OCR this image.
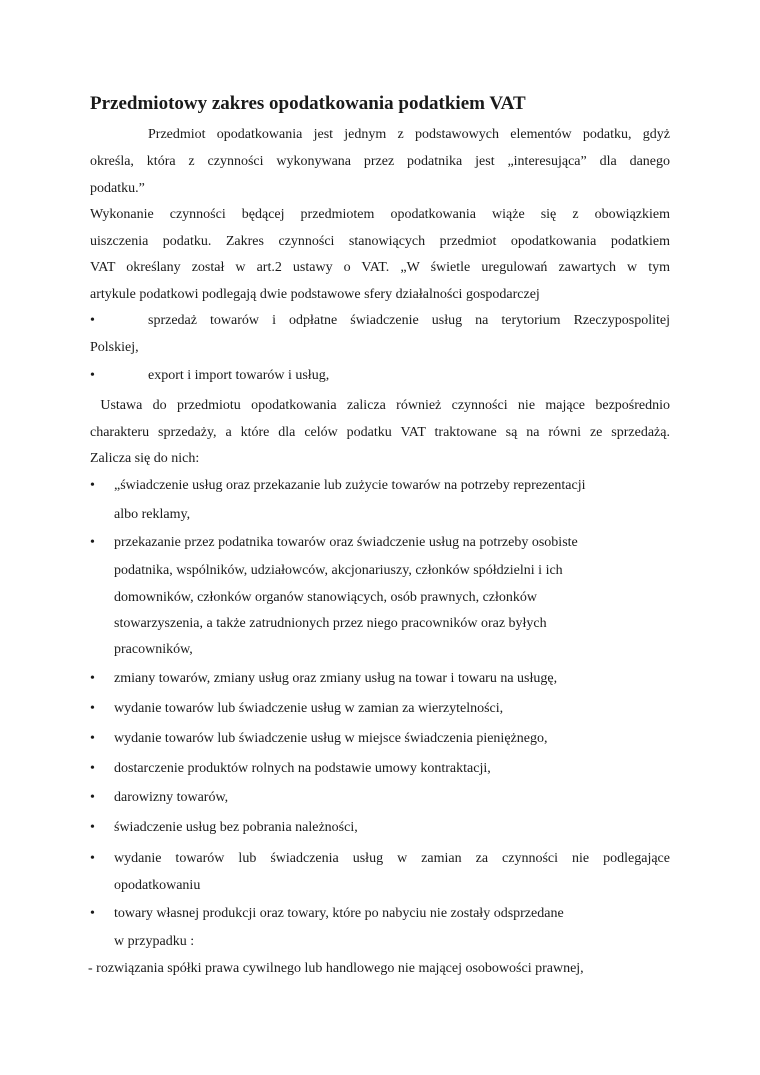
Przedmiotowy zakres opodatkowania podatkiem VAT
Przedmiot opodatkowania jest jednym z podstawowych elementów podatku, gdyż
określa, która z czynności wykonywana przez podatnika jest „interesująca” dla danego
podatku.”
Wykonanie czynności będącej przedmiotem opodatkowania wiąże się z obowiązkiem
uiszczenia podatku. Zakres czynności stanowiących przedmiot opodatkowania podatkiem
VAT określany został w art.2 ustawy o VAT. „W świetle uregulowań zawartych w tym
artykule podatkowi podlegają dwie podstawowe sfery działalności gospodarczej
•	sprzedaż towarów i odpłatne świadczenie usług na terytorium Rzeczypospolitej
Polskiej,
•	export i import towarów i usług,
Ustawa do przedmiotu opodatkowania zalicza również czynności nie mające bezpośrednio
charakteru sprzedaży, a które dla celów podatku VAT traktowane są na równi ze sprzedażą.
Zalicza się do nich:
• „świadczenie usług oraz przekazanie lub zużycie towarów na potrzeby reprezentacji
albo reklamy,
• przekazanie przez podatnika towarów oraz świadczenie usług na potrzeby osobiste
podatnika, wspólników, udziałowców, akcjonariuszy, członków spółdzielni i ich
domowników, członków organów stanowiących, osób prawnych, członków
stowarzyszenia, a także zatrudnionych przez niego pracowników oraz byłych
pracowników,
• zmiany towarów, zmiany usług oraz zmiany usług na towar i towaru na usługę,
• wydanie towarów lub świadczenie usług w zamian za wierzytelności,
• wydanie towarów lub świadczenie usług w miejsce świadczenia pieniężnego,
• dostarczenie produktów rolnych na podstawie umowy kontraktacji,
• darowizny towarów,
• świadczenie usług bez pobrania należności,
• wydanie towarów lub świadczenia usług w zamian za czynności nie podlegające
opodatkowaniu
• towary własnej produkcji oraz towary, które po nabyciu nie zostały odsprzedane
w przypadku :
- rozwiązania spółki prawa cywilnego lub handlowego nie mającej osobowości prawnej,
